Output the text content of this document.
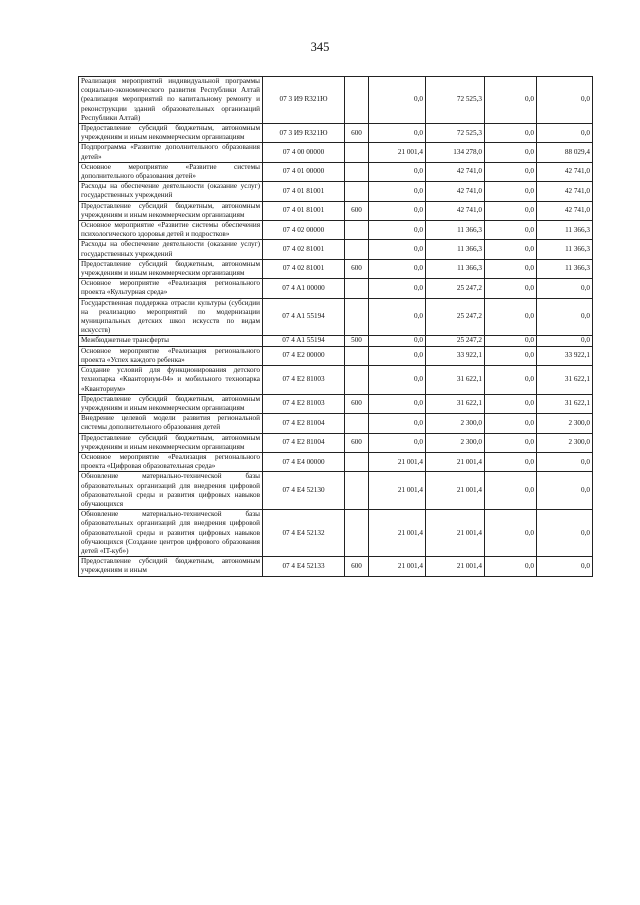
345
Реализация мероприятий индивидуальной программы социально-экономического развития Республики Алтай (реализация мероприятий по капитальному ремонту и реконструкции зданий образовательных организаций Республики Алтай)	07 3 И9 R321Ю		0,0	72 525,3	0,0	0,0
Предоставление субсидий бюджетным, автономным учреждениям и иным некоммерческим организациям	07 3 И9 R321Ю	600	0,0	72 525,3	0,0	0,0
Подпрограмма «Развитие дополнительного образования детей»	07 4 00 00000		21 001,4	134 278,0	0,0	88 029,4
Основное мероприятие «Развитие системы дополнительного образования детей»	07 4 01 00000		0,0	42 741,0	0,0	42 741,0
Расходы на обеспечение деятельности (оказание услуг) государственных учреждений	07 4 01 81001		0,0	42 741,0	0,0	42 741,0
Предоставление субсидий бюджетным, автономным учреждениям и иным некоммерческим организациям	07 4 01 81001	600	0,0	42 741,0	0,0	42 741,0
Основное мероприятие «Развитие системы обеспечения психологического здоровья детей и подростков»	07 4 02 00000		0,0	11 366,3	0,0	11 366,3
Расходы на обеспечение деятельности (оказание услуг) государственных учреждений	07 4 02 81001		0,0	11 366,3	0,0	11 366,3
Предоставление субсидий бюджетным, автономным учреждениям и иным некоммерческим организациям	07 4 02 81001	600	0,0	11 366,3	0,0	11 366,3
Основное мероприятие «Реализация регионального проекта «Культурная среда»	07 4 A1 00000		0,0	25 247,2	0,0	0,0
Государственная поддержка отрасли культуры (субсидии на реализацию мероприятий по модернизации муниципальных детских школ искусств по видам искусств)	07 4 A1 55194		0,0	25 247,2	0,0	0,0
Межбюджетные трансферты	07 4 A1 55194	500	0,0	25 247,2	0,0	0,0
Основное мероприятие «Реализация регионального проекта «Успех каждого ребенка»	07 4 E2 00000		0,0	33 922,1	0,0	33 922,1
Создание условий для функционирования детского технопарка «Кванториум-04» и мобильного технопарка «Кванториум»	07 4 E2 81003		0,0	31 622,1	0,0	31 622,1
Предоставление субсидий бюджетным, автономным учреждениям и иным некоммерческим организациям	07 4 E2 81003	600	0,0	31 622,1	0,0	31 622,1
Внедрение целевой модели развития региональной системы дополнительного образования детей	07 4 E2 81004		0,0	2 300,0	0,0	2 300,0
Предоставление субсидий бюджетным, автономным учреждениям и иным некоммерческим организациям	07 4 E2 81004	600	0,0	2 300,0	0,0	2 300,0
Основное мероприятие «Реализация регионального проекта «Цифровая образовательная среда»	07 4 E4 00000		21 001,4	21 001,4	0,0	0,0
Обновление материально-технической базы образовательных организаций для внедрения цифровой образовательной среды и развития цифровых навыков обучающихся	07 4 E4 52130		21 001,4	21 001,4	0,0	0,0
Обновление материально-технической базы образовательных организаций для внедрения цифровой образовательной среды и развития цифровых навыков обучающихся (Создание центров цифрового образования детей «IT-куб»)	07 4 E4 52132		21 001,4	21 001,4	0,0	0,0
Предоставление субсидий бюджетным, автономным учреждениям и иным	07 4 E4 52133	600	21 001,4	21 001,4	0,0	0,0
